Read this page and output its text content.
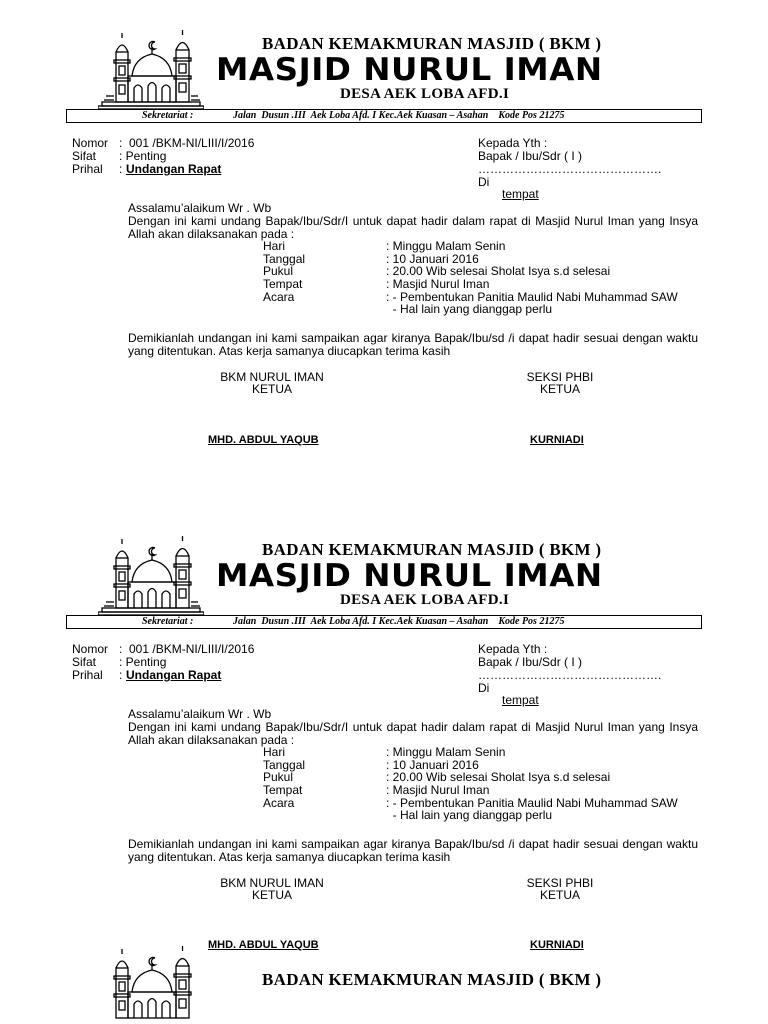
BADAN KEMAKMURAN MASJID ( BKM )
MASJID NURUL IMAN
DESA AEK LOBA AFD.I
Sekretariat :	Jalan  Dusun .III  Aek Loba Afd. I Kec.Aek Kuasan – Asahan    Kode Pos 21275
Nomor :  001 /BKM-NI/LIII/I/2016
Sifat : Penting
Prihal : Undangan Rapat
Kepada Yth :
Bapak / Ibu/Sdr ( I )
……………………………………….
Di
tempat
Assalamu’alaikum Wr . Wb
Dengan ini kami undang Bapak/Ibu/Sdr/I untuk dapat hadir dalam rapat di Masjid Nurul Iman yang Insya Allah akan dilaksanakan pada :
Hari	: Minggu Malam Senin
Tanggal	: 10 Januari 2016
Pukul	: 20.00 Wib selesai Sholat Isya s.d selesai
Tempat	: Masjid Nurul Iman
Acara	: - Pembentukan Panitia Maulid Nabi Muhammad SAW
- Hal lain yang dianggap perlu
Demikianlah undangan ini kami sampaikan agar kiranya Bapak/Ibu/sd /i dapat hadir sesuai dengan waktu yang ditentukan. Atas kerja samanya diucapkan terima kasih
BKM NURUL IMAN
KETUA
SEKSI PHBI
KETUA
MHD. ABDUL YAQUB	KURNIADI
BADAN KEMAKMURAN MASJID ( BKM )
MASJID NURUL IMAN
DESA AEK LOBA AFD.I
Sekretariat :	Jalan  Dusun .III  Aek Loba Afd. I Kec.Aek Kuasan – Asahan    Kode Pos 21275
Nomor :  001 /BKM-NI/LIII/I/2016
Sifat : Penting
Prihal : Undangan Rapat
Kepada Yth :
Bapak / Ibu/Sdr ( I )
……………………………………….
Di
tempat
Assalamu’alaikum Wr . Wb
Dengan ini kami undang Bapak/Ibu/Sdr/I untuk dapat hadir dalam rapat di Masjid Nurul Iman yang Insya Allah akan dilaksanakan pada :
Hari	: Minggu Malam Senin
Tanggal	: 10 Januari 2016
Pukul	: 20.00 Wib selesai Sholat Isya s.d selesai
Tempat	: Masjid Nurul Iman
Acara	: - Pembentukan Panitia Maulid Nabi Muhammad SAW
- Hal lain yang dianggap perlu
Demikianlah undangan ini kami sampaikan agar kiranya Bapak/Ibu/sd /i dapat hadir sesuai dengan waktu yang ditentukan. Atas kerja samanya diucapkan terima kasih
BKM NURUL IMAN
KETUA
SEKSI PHBI
KETUA
MHD. ABDUL YAQUB	KURNIADI
BADAN KEMAKMURAN MASJID ( BKM )
